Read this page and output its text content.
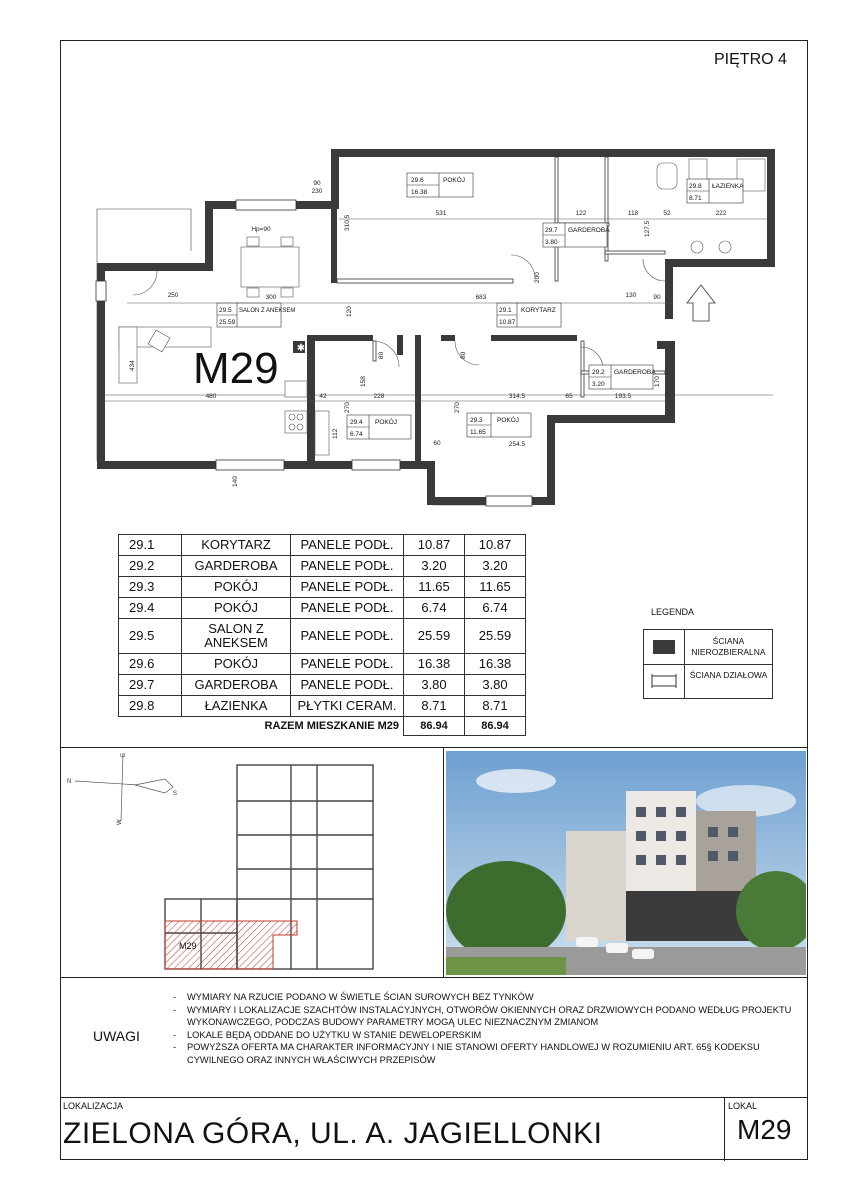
PIĘTRO 4
✱
29.6	POKÓJ
16.38
29.7 GARDEROBA
3.80
29.8 ŁAZIENKA
8.71
29.5 SALON Z ANEKSEM
25.59
29.1 KORYTARZ
10.87
29.2 GARDEROBA
3.20
29.4 POKÓJ
6.74
29.3 POKÓJ
11.65
M29
531	122	118	52	222
300	683
250	130	90
480	228	314.5	193.5
254.5
42	65
60
Hp=90
90
230
434
310.5	127.5
120
200
80	80
158
270	270
112
170
140
29.1	KORYTARZ	PANELE PODŁ.	10.87	10.87
29.2	GARDEROBA	PANELE PODŁ.	3.20	3.20
29.3	POKÓJ	PANELE PODŁ.	11.65	11.65
29.4	POKÓJ	PANELE PODŁ.	6.74	6.74
29.5	SALON Z ANEKSEM	PANELE PODŁ.	25.59	25.59
29.6	POKÓJ	PANELE PODŁ.	16.38	16.38
29.7	GARDEROBA	PANELE PODŁ.	3.80	3.80
29.8	ŁAZIENKA	PŁYTKI CERAM.	8.71	8.71
RAZEM MIESZKANIE M29			86.94	86.94
LEGENDA
ŚCIANA NIEROZBIERALNA
ŚCIANA DZIAŁOWA
N
E
W
S
M29
UWAGI

- WYMIARY NA RZUCIE PODANO W ŚWIETLE ŚCIAN SUROWYCH BEZ TYNKÓW

- WYMIARY I LOKALIZACJE SZACHTÓW INSTALACYJNYCH, OTWORÓW OKIENNYCH ORAZ DRZWIOWYCH PODANO WEDŁUG PROJEKTU WYKONAWCZEGO, PODCZAS BUDOWY PARAMETRY MOGĄ ULEC NIEZNACZNYM ZMIANOM

- LOKALE BĘDĄ ODDANE DO UŻYTKU W STANIE DEWELOPERSKIM

- POWYŻSZA OFERTA MA CHARAKTER INFORMACYJNY I NIE STANOWI OFERTY HANDLOWEJ W ROZUMIENIU ART. 65§ KODEKSU CYWILNEGO ORAZ INNYCH WŁAŚCIWYCH PRZEPISÓW

LOKALIZACJA
ZIELONA GÓRA, UL. A. JAGIELLONKI
LOKAL
M29
